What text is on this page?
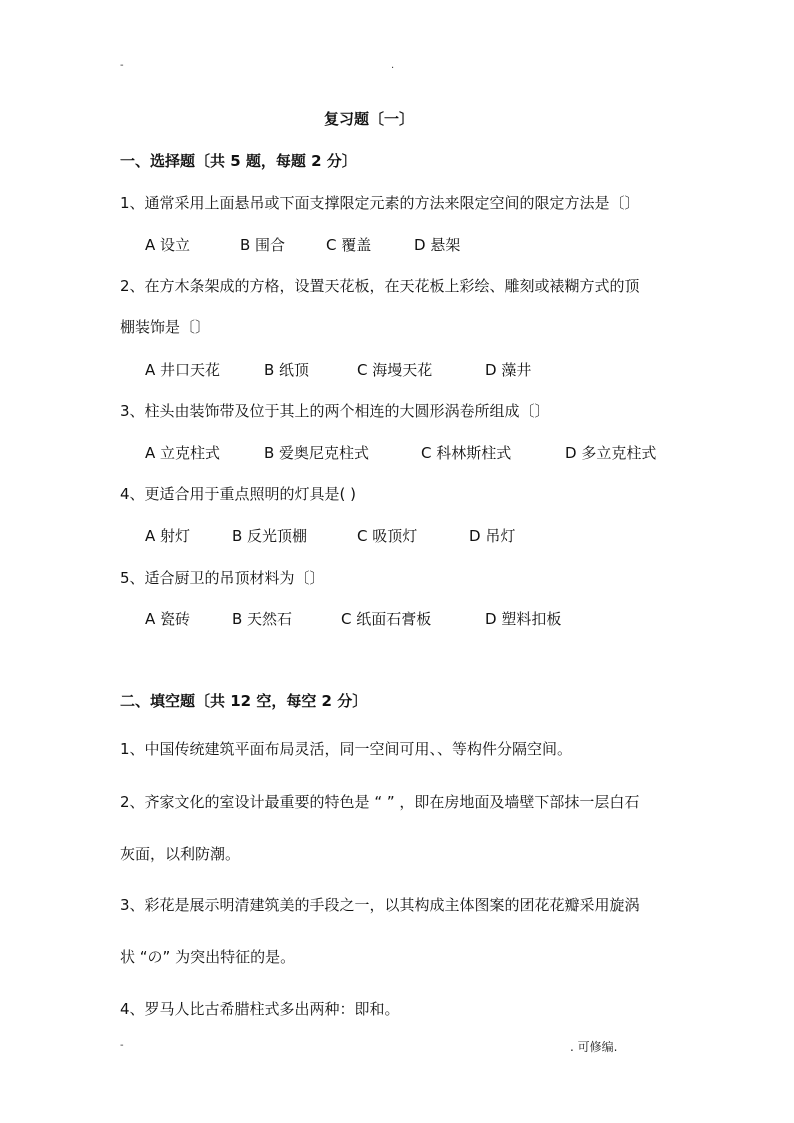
-	.
复习题〔一〕
一、选择题〔共 5 题，每题 2 分〕
1、通常采用上面悬吊或下面支撑限定元素的方法来限定空间的限定方法是〔〕
A 设立	B 围合	C 覆盖	D 悬架
2、在方木条架成的方格，设置天花板，在天花板上彩绘、雕刻或裱糊方式的顶
棚装饰是〔〕
A 井口天花	B 纸顶	C 海墁天花	D 藻井
3、柱头由装饰带及位于其上的两个相连的大圆形涡卷所组成〔〕
A 立克柱式	B 爱奥尼克柱式	C 科林斯柱式	D 多立克柱式
4、更适合用于重点照明的灯具是( )
A 射灯	B 反光顶棚	C 吸顶灯	D 吊灯
5、适合厨卫的吊顶材料为〔〕
A 瓷砖	B 天然石	C 纸面石膏板	D 塑料扣板
二、填空题〔共 12 空，每空 2 分〕
1、中国传统建筑平面布局灵活，同一空间可用、、等构件分隔空间。
2、齐家文化的室设计最重要的特色是 “ ” ，即在房地面及墙壁下部抹一层白石
灰面，以利防潮。
3、彩花是展示明清建筑美的手段之一，以其构成主体图案的团花花瓣采用旋涡
状 “の” 为突出特征的是。
4、罗马人比古希腊柱式多出两种：即和。
-	. 可修编.
